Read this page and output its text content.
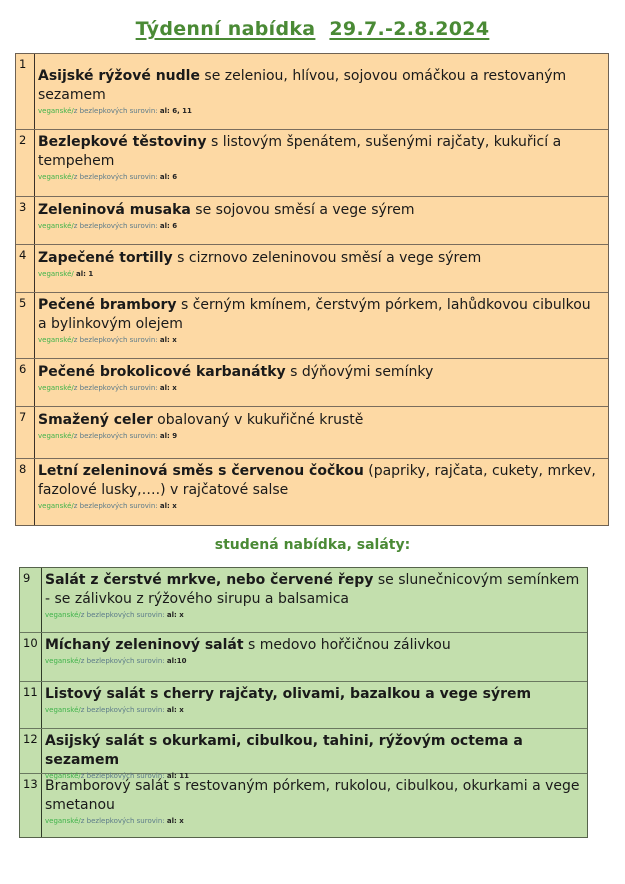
Týdenní nabídka 29.7.-2.8.2024
1
Asijské rýžové nudle se zeleniou, hlívou, sojovou omáčkou a restovaným sezamem
veganské/z bezlepkových surovin: al: 6, 11
2 Bezlepkové těstoviny s listovým špenátem, sušenými rajčaty, kukuřicí a tempehem
veganské/z bezlepkových surovin: al: 6
3 Zeleninová musaka se sojovou směsí a vege sýrem
veganské/z bezlepkových surovin: al: 6
4 Zapečené tortilly s cizrnovo zeleninovou směsí a vege sýrem
veganské/ al: 1
5 Pečené brambory s černým kmínem, čerstvým pórkem, lahůdkovou cibulkou a bylinkovým olejem
veganské/z bezlepkových surovin: al: x
6 Pečené brokolicové karbanátky s dýňovými semínky
veganské/z bezlepkových surovin: al: x
7 Smažený celer obalovaný v kukuřičné krustě
veganské/z bezlepkových surovin: al: 9
8 Letní zeleninová směs s červenou čočkou (papriky, rajčata, cukety, mrkev, fazolové lusky,….) v rajčatové salse
veganské/z bezlepkových surovin: al: x
studená nabídka, saláty:
9	Salát z čerstvé mrkve, nebo červené řepy se slunečnicovým semínkem - se zálivkou z rýžového sirupu a balsamica
veganské/z bezlepkových surovin: al: x
10 Míchaný zeleninový salát s medovo hořčičnou zálivkou
veganské/z bezlepkových surovin: al:10
11 Listový salát s cherry rajčaty, olivami, bazalkou a vege sýrem
veganské/z bezlepkových surovin: al: x
12 Asijský salát s okurkami, cibulkou, tahini, rýžovým octema a sezamem
veganské/z bezlepkových surovin: al: 11
13 Bramborový salát s restovaným pórkem, rukolou, cibulkou, okurkami a vege smetanou
veganské/z bezlepkových surovin: al: x
